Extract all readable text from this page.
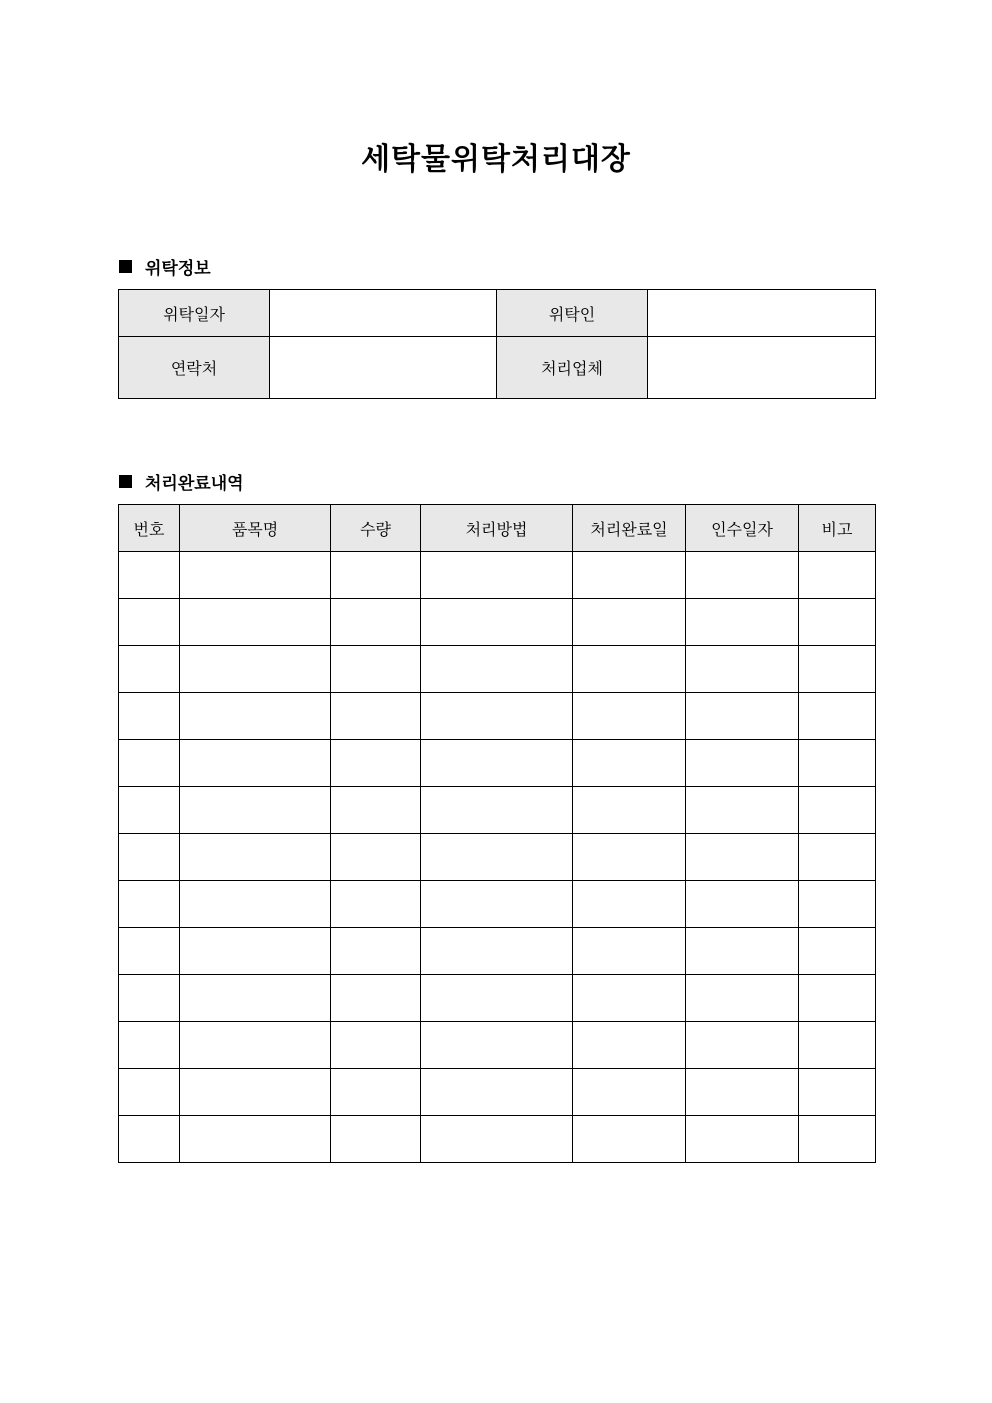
세탁물위탁처리대장
위탁정보
위탁일자		위탁인	
연락처		처리업체	
처리완료내역
번호	품목명	수량	처리방법	처리완료일	인수일자	비고
